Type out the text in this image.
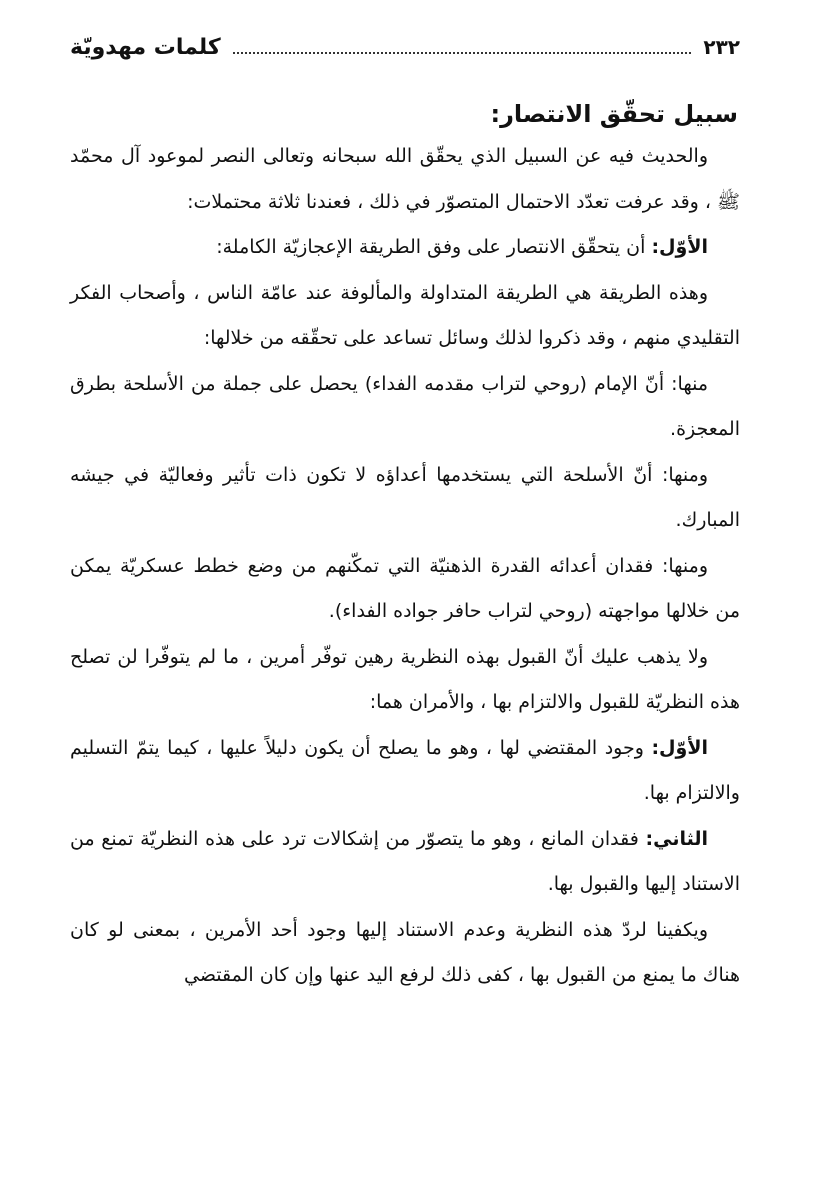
٢٣٢
كلمات مهدويّة
سبيل تحقّق الانتصار:

والحديث فيه عن السبيل الذي يحقّق الله سبحانه وتعالى النصر لموعود آل محمّد ﷺ ، وقد عرفت تعدّد الاحتمال المتصوّر في ذلك ، فعندنا ثلاثة محتملات:

الأوّل: أن يتحقّق الانتصار على وفق الطريقة الإعجازيّة الكاملة:

وهذه الطريقة هي الطريقة المتداولة والمألوفة عند عامّة الناس ، وأصحاب الفكر التقليدي منهم ، وقد ذكروا لذلك وسائل تساعد على تحقّقه من خلالها:

منها: أنّ الإمام (روحي لتراب مقدمه الفداء) يحصل على جملة من الأسلحة بطرق المعجزة.

ومنها: أنّ الأسلحة التي يستخدمها أعداؤه لا تكون ذات تأثير وفعاليّة في جيشه المبارك.

ومنها: فقدان أعدائه القدرة الذهنيّة التي تمكّنهم من وضع خطط عسكريّة يمكن من خلالها مواجهته (روحي لتراب حافر جواده الفداء).

ولا يذهب عليك أنّ القبول بهذه النظرية رهين توفّر أمرين ، ما لم يتوفّرا لن تصلح هذه النظريّة للقبول والالتزام بها ، والأمران هما:

الأوّل: وجود المقتضي لها ، وهو ما يصلح أن يكون دليلاً عليها ، كيما يتمّ التسليم والالتزام بها.

الثاني: فقدان المانع ، وهو ما يتصوّر من إشكالات ترد على هذه النظريّة تمنع من الاستناد إليها والقبول بها.

ويكفينا لردّ هذه النظرية وعدم الاستناد إليها وجود أحد الأمرين ، بمعنى لو كان هناك ما يمنع من القبول بها ، كفى ذلك لرفع اليد عنها وإن كان المقتضي
